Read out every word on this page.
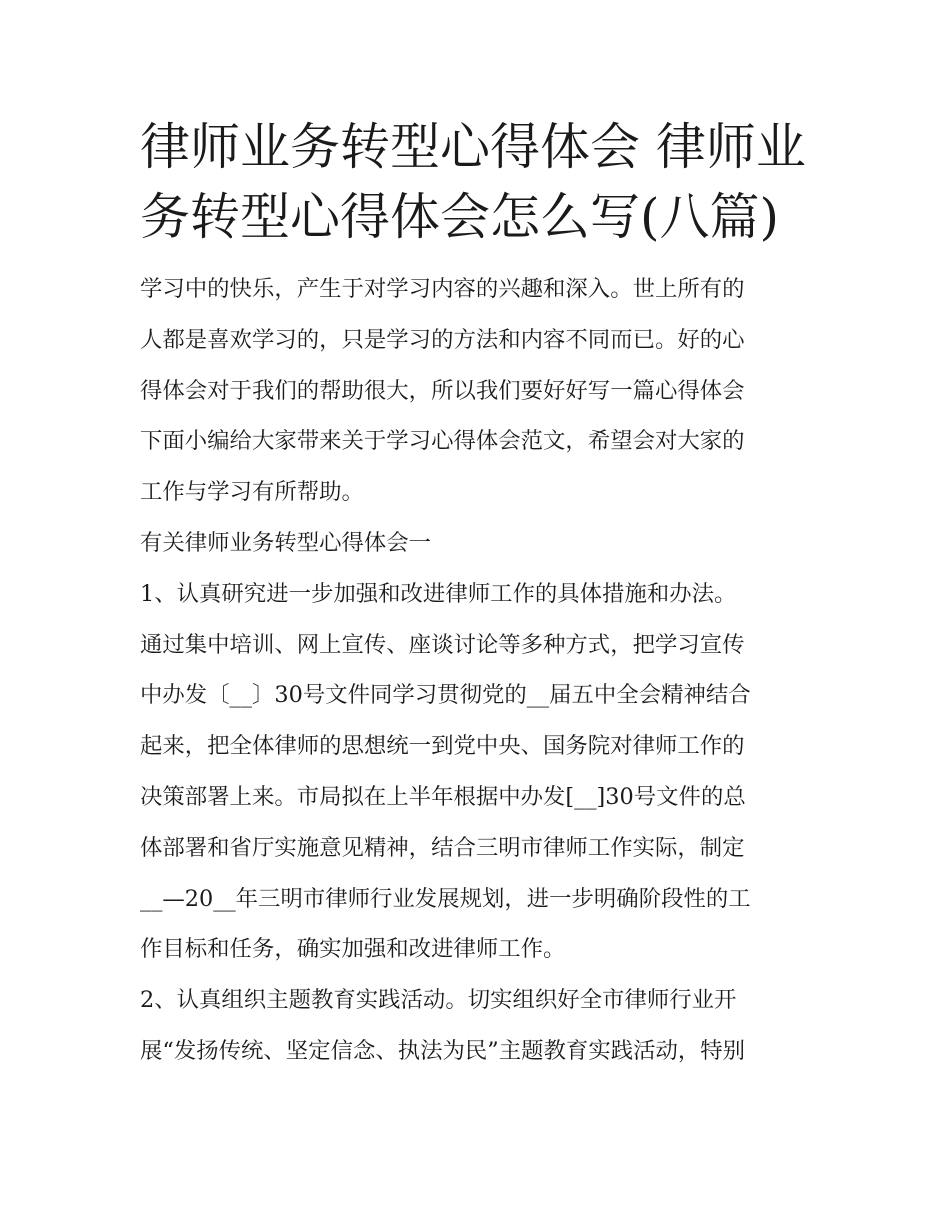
律师业务转型心得体会 律师业
务转型心得体会怎么写(八篇)

学习中的快乐，产生于对学习内容的兴趣和深入。世上所有的

人都是喜欢学习的，只是学习的方法和内容不同而已。好的心

得体会对于我们的帮助很大，所以我们要好好写一篇心得体会

下面小编给大家带来关于学习心得体会范文，希望会对大家的

工作与学习有所帮助。

有关律师业务转型心得体会一

1、认真研究进一步加强和改进律师工作的具体措施和办法。

通过集中培训、网上宣传、座谈讨论等多种方式，把学习宣传

中办发〔__〕30号文件同学习贯彻党的__届五中全会精神结合

起来，把全体律师的思想统一到党中央、国务院对律师工作的

决策部署上来。市局拟在上半年根据中办发[__]30号文件的总

体部署和省厅实施意见精神，结合三明市律师工作实际，制定

__—20__年三明市律师行业发展规划，进一步明确阶段性的工

作目标和任务，确实加强和改进律师工作。

2、认真组织主题教育实践活动。切实组织好全市律师行业开

展“发扬传统、坚定信念、执法为民”主题教育实践活动，特别
